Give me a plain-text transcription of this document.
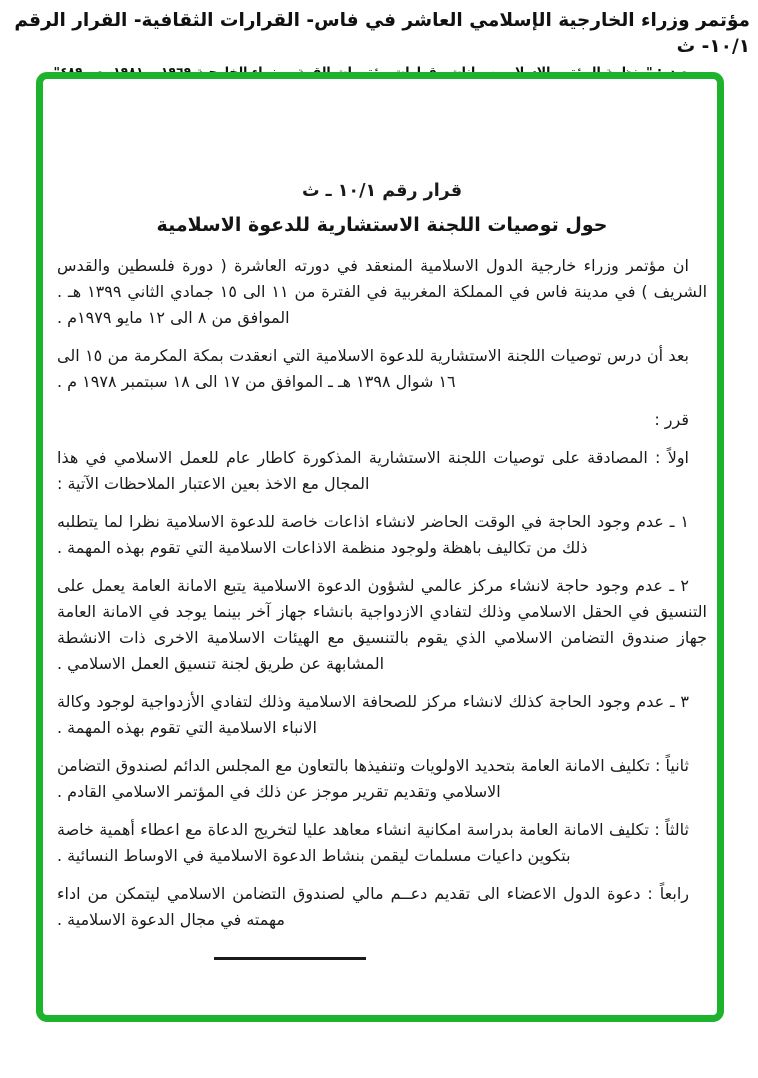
مؤتمر وزراء الخارجية الإسلامي العاشر في فاس- القرارات الثقافية- القرار الرقم ١٠/١- ث
قرار رقم ١٠/١ ـ ث
حول توصيات اللجنة الاستشارية للدعوة الاسلامية

ان مؤتمر وزراء خارجية الدول الاسلامية المنعقد في دورته العاشرة ( دورة فلسطين والقدس الشريف ) في مدينة فاس في المملكة المغربية في الفترة من ١١ الى ١٥ جمادي الثاني ١٣٩٩ هـ . الموافق من ٨ الى ١٢ مايو ١٩٧٩م .

بعد أن درس توصيات اللجنة الاستشارية للدعوة الاسلامية التي انعقدت بمكة المكرمة من ١٥ الى ١٦ شوال ١٣٩٨ هـ ـ الموافق من ١٧ الى ١٨ سبتمبر ١٩٧٨ م .

قرر :

اولاً : المصادقة على توصيات اللجنة الاستشارية المذكورة كاطار عام للعمل الاسلامي في هذا المجال مع الاخذ بعين الاعتبار الملاحظات الآتية :

١ ـ عدم وجود الحاجة في الوقت الحاضر لانشاء اذاعات خاصة للدعوة الاسلامية نظرا لما يتطلبه ذلك من تكاليف باهظة ولوجود منظمة الاذاعات الاسلامية التي تقوم بهذه المهمة .

٢ ـ عدم وجود حاجة لانشاء مركز عالمي لشؤون الدعوة الاسلامية يتبع الامانة العامة يعمل على التنسيق في الحقل الاسلامي وذلك لتفادي الازدواجية بانشاء جهاز آخر بينما يوجد في الامانة العامة جهاز صندوق التضامن الاسلامي الذي يقوم بالتنسيق مع الهيئات الاسلامية الاخرى ذات الانشطة المشابهة عن طريق لجنة تنسيق العمل الاسلامي .

٣ ـ عدم وجود الحاجة كذلك لانشاء مركز للصحافة الاسلامية وذلك لتفادي الأزدواجية لوجود وكالة الانباء الاسلامية التي تقوم بهذه المهمة .

ثانياً : تكليف الامانة العامة بتحديد الاولويات وتنفيذها بالتعاون مع المجلس الدائم لصندوق التضامن الاسلامي وتقديم تقرير موجز عن ذلك في المؤتمر الاسلامي القادم .

ثالثاً : تكليف الامانة العامة بدراسة امكانية انشاء معاهد عليا لتخريج الدعاة مع اعطاء أهمية خاصة بتكوين داعيات مسلمات ليقمن بنشاط الدعوة الاسلامية في الاوساط النسائية .

رابعاً : دعوة الدول الاعضاء الى تقديم دعــم مالي لصندوق التضامن الاسلامي ليتمكن من اداء مهمته في مجال الدعوة الاسلامية .
